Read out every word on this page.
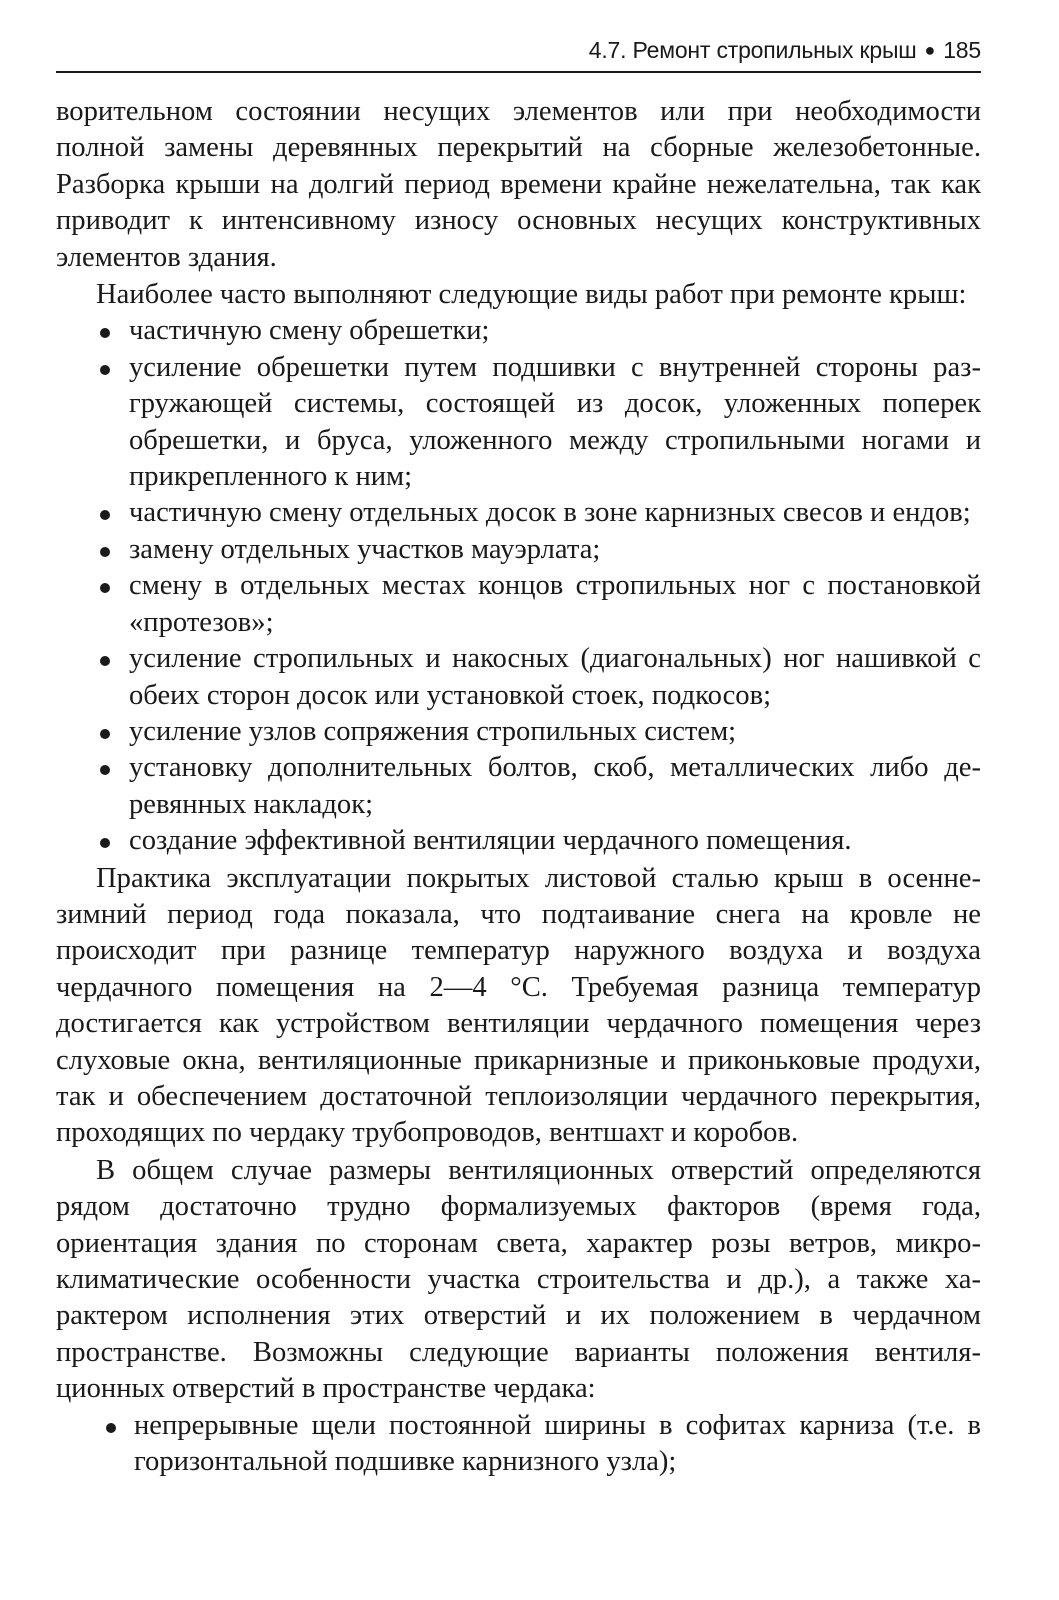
4.7. Ремонт стропильных крыш ● 185

ворительном состоянии несущих элементов или при необходимости полной замены деревянных перекрытий на сборные железобетонные. Разборка крыши на долгий период времени крайне нежелательна, так как приводит к интенсивному износу основных несущих конструктивных элементов здания.

Наиболее часто выполняют следующие виды работ при ремонте крыш:

частичную смену обрешетки;
усиление обрешетки путем подшивки с внутренней стороны разгружающей системы, состоящей из досок, уложенных поперек обрешетки, и бруса, уложенного между стропильными ногами и прикрепленного к ним;
частичную смену отдельных досок в зоне карнизных свесов и ендов;
замену отдельных участков мауэрлата;
смену в отдельных местах концов стропильных ног с постановкой «протезов»;
усиление стропильных и накосных (диагональных) ног нашивкой с обеих сторон досок или установкой стоек, подкосов;
усиление узлов сопряжения стропильных систем;
установку дополнительных болтов, скоб, металлических либо деревянных накладок;
создание эффективной вентиляции чердачного помещения.

Практика эксплуатации покрытых листовой сталью крыш в осенне-зимний период года показала, что подтаивание снега на кровле не происходит при разнице температур наружного воздуха и воздуха чердачного помещения на 2—4 °С. Требуемая разница температур достигается как устройством вентиляции чердачного помещения через слуховые окна, вентиляционные прикарнизные и приконьковые продухи, так и обеспечением достаточной теплоизоляции чердачного перекрытия, проходящих по чердаку трубопроводов, вентшахт и коробов.

В общем случае размеры вентиляционных отверстий определяются рядом достаточно трудно формализуемых факторов (время года, ориентация здания по сторонам света, характер розы ветров, микроклиматические особенности участка строительства и др.), а также характером исполнения этих отверстий и их положением в чердачном пространстве. Возможны следующие варианты положения вентиляционных отверстий в пространстве чердака:

непрерывные щели постоянной ширины в софитах карниза (т.е. в горизонтальной подшивке карнизного узла);
